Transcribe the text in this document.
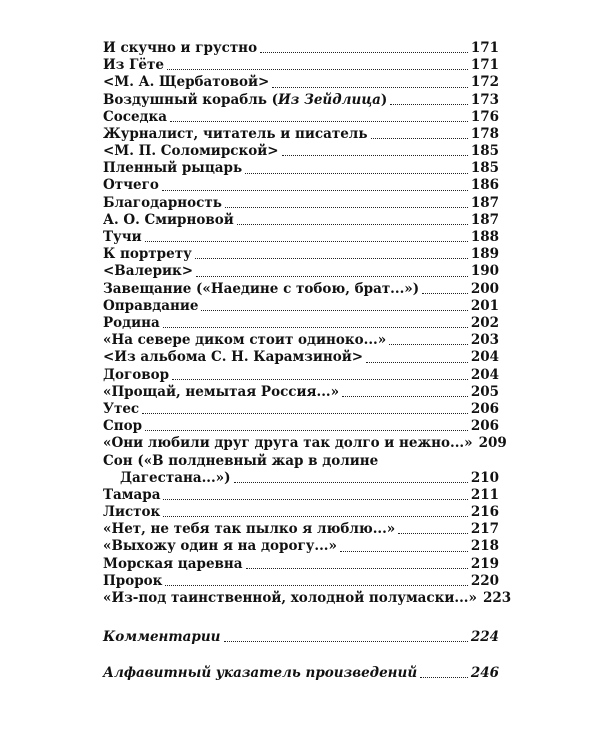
И скучно и грустно	171
Из Гёте	171
<М. А. Щербатовой>	172
Воздушный корабль (Из Зейдлица)	173
Соседка	176
Журналист, читатель и писатель	178
<М. П. Соломирской>	185
Пленный рыцарь	185
Отчего	186
Благодарность	187
А. О. Смирновой	187
Тучи	188
К портрету	189
<Валерик>	190
Завещание («Наедине с тобою, брат...»)	200
Оправдание	201
Родина	202
«На севере диком стоит одиноко...»	203
<Из альбома С. Н. Карамзиной>	204
Договор	204
«Прощай, немытая Россия...»	205
Утес	206
Спор	206
«Они любили друг друга так долго и нежно...» 209
Сон («В полдневный жар в долине
Дагестана...»)	210
Тамара	211
Листок	216
«Нет, не тебя так пылко я люблю...»	217
«Выхожу один я на дорогу...»	218
Морская царевна	219
Пророк	220
«Из-под таинственной, холодной полумаски...» 223
Комментарии	224
Алфавитный указатель произведений	246
